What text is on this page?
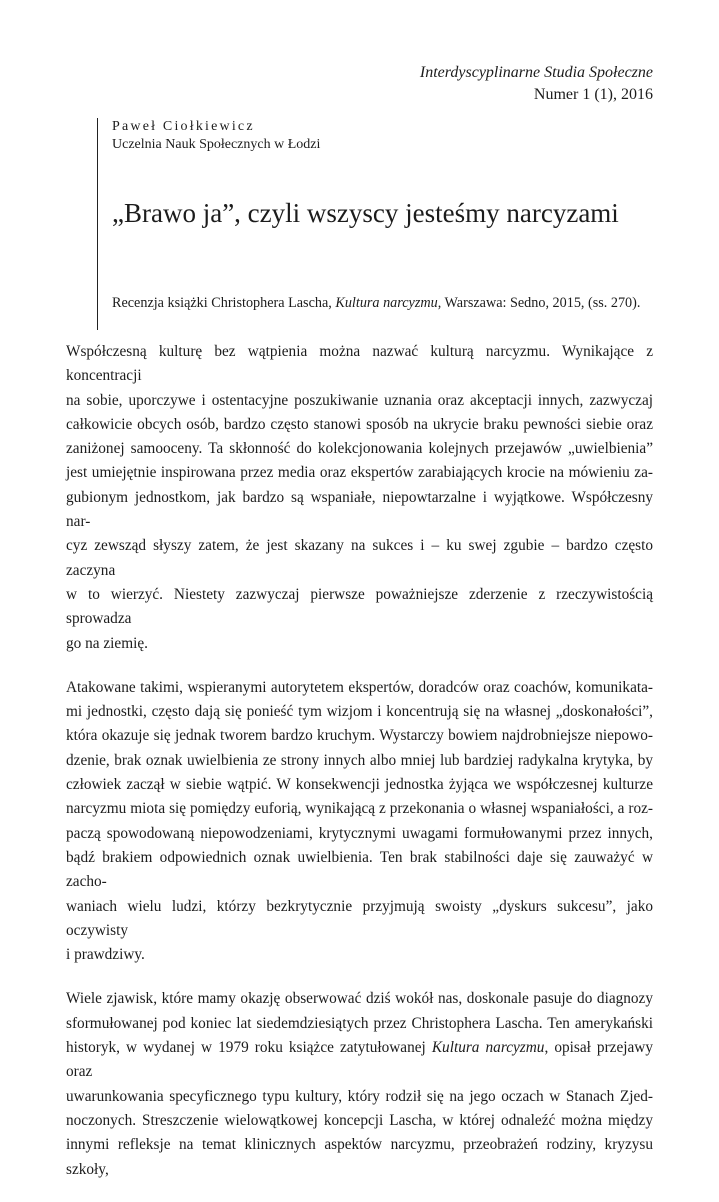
Interdyscyplinarne Studia Społeczne
Numer 1 (1), 2016
Paweł Ciołkiewicz
Uczelnia Nauk Społecznych w Łodzi
„Brawo ja”, czyli wszyscy jesteśmy narcyzami
Recenzja książki Christophera Lascha, Kultura narcyzmu, Warszawa: Sedno, 2015, (ss. 270).

Współczesną kulturę bez wątpienia można nazwać kulturą narcyzmu. Wynikające z koncentracji
na sobie, uporczywe i ostentacyjne poszukiwanie uznania oraz akceptacji innych, zazwyczaj
całkowicie obcych osób, bardzo często stanowi sposób na ukrycie braku pewności siebie oraz
zaniżonej samooceny. Ta skłonność do kolekcjonowania kolejnych przejawów „uwielbienia”
jest umiejętnie inspirowana przez media oraz ekspertów zarabiających krocie na mówieniu za-
gubionym jednostkom, jak bardzo są wspaniałe, niepowtarzalne i wyjątkowe. Współczesny nar-
cyz zewsząd słyszy zatem, że jest skazany na sukces i – ku swej zgubie – bardzo często zaczyna
w to wierzyć. Niestety zazwyczaj pierwsze poważniejsze zderzenie z rzeczywistością sprowadza
go na ziemię.

Atakowane takimi, wspieranymi autorytetem ekspertów, doradców oraz coachów, komunikata-
mi jednostki, często dają się ponieść tym wizjom i koncentrują się na własnej „doskonałości”,
która okazuje się jednak tworem bardzo kruchym. Wystarczy bowiem najdrobniejsze niepowo-
dzenie, brak oznak uwielbienia ze strony innych albo mniej lub bardziej radykalna krytyka, by
człowiek zaczął w siebie wątpić. W konsekwencji jednostka żyjąca we współczesnej kulturze
narcyzmu miota się pomiędzy euforią, wynikającą z przekonania o własnej wspaniałości, a roz-
paczą spowodowaną niepowodzeniami, krytycznymi uwagami formułowanymi przez innych,
bądź brakiem odpowiednich oznak uwielbienia. Ten brak stabilności daje się zauważyć w zacho-
waniach wielu ludzi, którzy bezkrytycznie przyjmują swoisty „dyskurs sukcesu”, jako oczywisty
i prawdziwy.

Wiele zjawisk, które mamy okazję obserwować dziś wokół nas, doskonale pasuje do diagnozy
sformułowanej pod koniec lat siedemdziesiątych przez Christophera Lascha. Ten amerykański
historyk, w wydanej w 1979 roku książce zatytułowanej Kultura narcyzmu, opisał przejawy oraz
uwarunkowania specyficznego typu kultury, który rodził się na jego oczach w Stanach Zjed-
noczonych. Streszczenie wielowątkowej koncepcji Lascha, w której odnaleźć można między
innymi refleksje na temat klinicznych aspektów narcyzmu, przeobrażeń rodziny, kryzysu szkoły,
